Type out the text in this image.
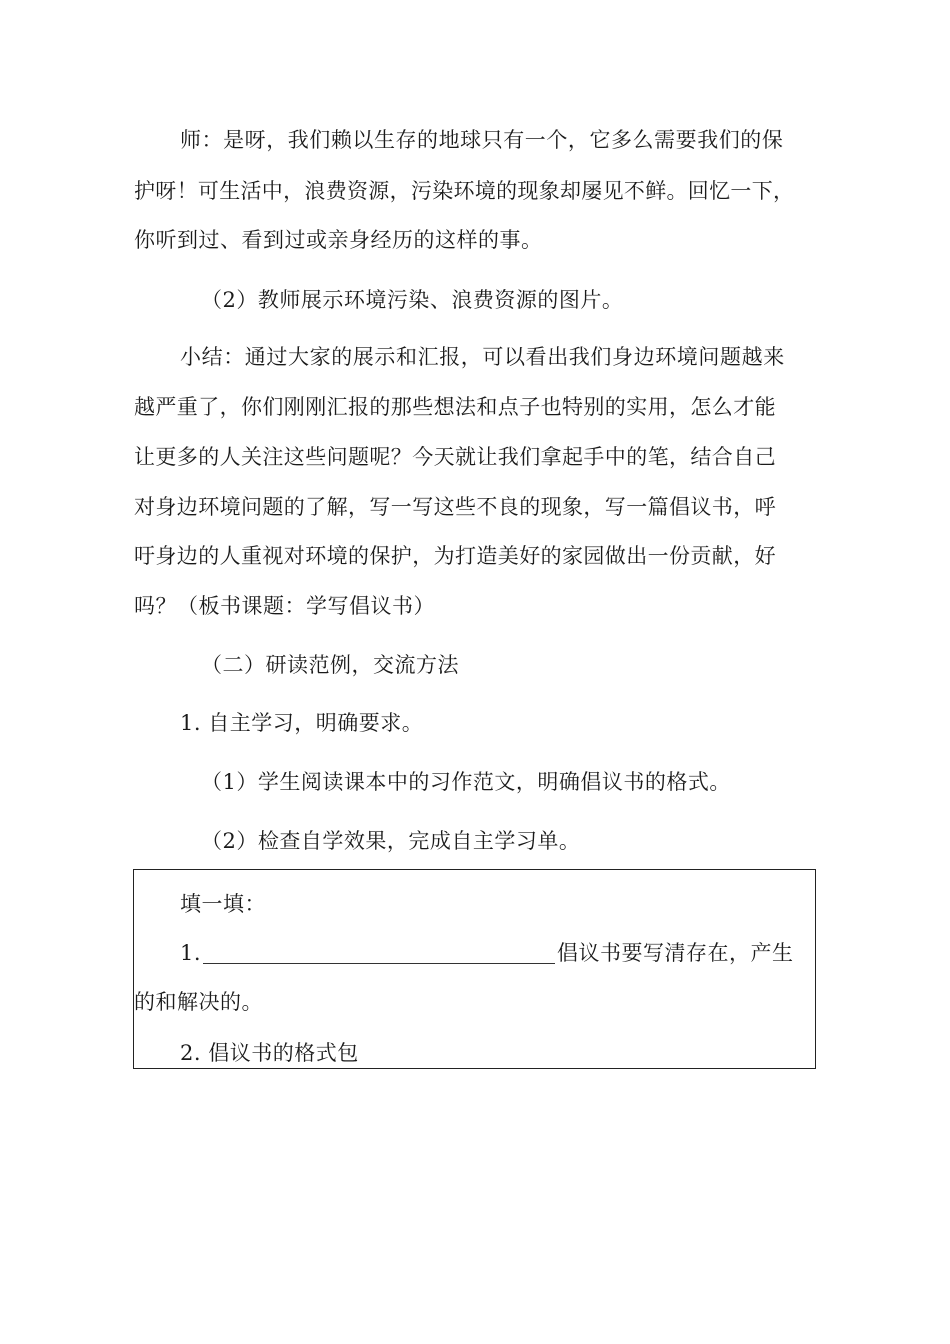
师：是呀，我们赖以生存的地球只有一个，它多么需要我们的保
护呀！可生活中，浪费资源，污染环境的现象却屡见不鲜。回忆一下，
你听到过、看到过或亲身经历的这样的事。
（2）教师展示环境污染、浪费资源的图片。
小结：通过大家的展示和汇报，可以看出我们身边环境问题越来
越严重了，你们刚刚汇报的那些想法和点子也特别的实用，怎么才能
让更多的人关注这些问题呢？今天就让我们拿起手中的笔，结合自己
对身边环境问题的了解，写一写这些不良的现象，写一篇倡议书，呼
吁身边的人重视对环境的保护，为打造美好的家园做出一份贡献，好
吗？（板书课题：学写倡议书）
（二）研读范例，交流方法
1. 自主学习，明确要求。
（1）学生阅读课本中的习作范文，明确倡议书的格式。
（2）检查自学效果，完成自主学习单。
填一填：
1.	倡议书要写清存在，产生
的和解决的。
2. 倡议书的格式包
